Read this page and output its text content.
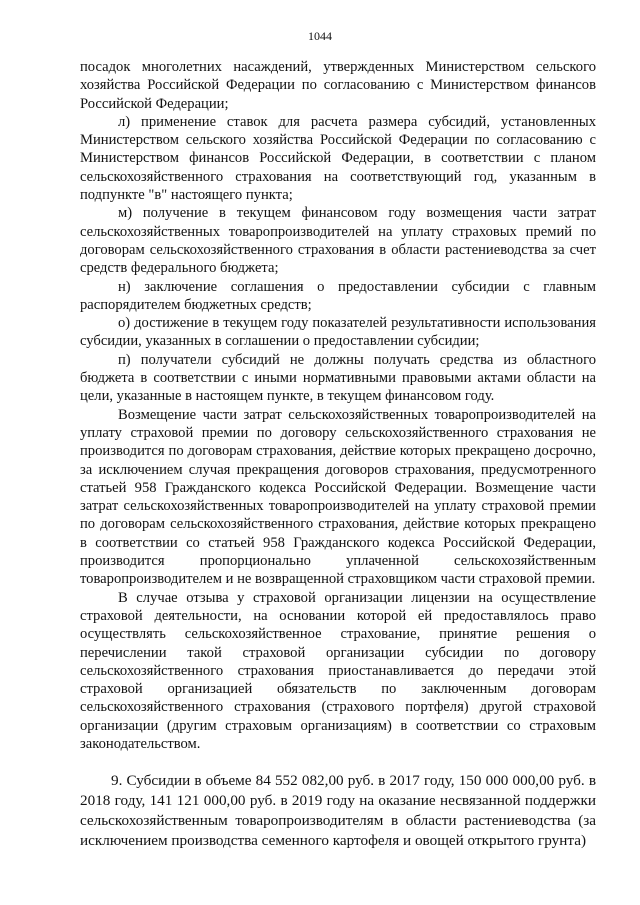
1044

посадок многолетних насаждений, утвержденных Министерством сельского хозяйства Российской Федерации по согласованию с Министерством финансов Российской Федерации;

л) применение ставок для расчета размера субсидий, установленных Министерством сельского хозяйства Российской Федерации по согласованию с Министерством финансов Российской Федерации, в соответствии с планом сельскохозяйственного страхования на соответствующий год, указанным в подпункте "в" настоящего пункта;

м) получение в текущем финансовом году возмещения части затрат сельскохозяйственных товаропроизводителей на уплату страховых премий по договорам сельскохозяйственного страхования в области растениеводства за счет средств федерального бюджета;

н) заключение соглашения о предоставлении субсидии с главным распорядителем бюджетных средств;

о) достижение в текущем году показателей результативности использования субсидии, указанных в соглашении о предоставлении субсидии;

п) получатели субсидий не должны получать средства из областного бюджета в соответствии с иными нормативными правовыми актами области на цели, указанные в настоящем пункте, в текущем финансовом году.

Возмещение части затрат сельскохозяйственных товаропроизводителей на уплату страховой премии по договору сельскохозяйственного страхования не производится по договорам страхования, действие которых прекращено досрочно, за исключением случая прекращения договоров страхования, предусмотренного статьей 958 Гражданского кодекса Российской Федерации. Возмещение части затрат сельскохозяйственных товаропроизводителей на уплату страховой премии по договорам сельскохозяйственного страхования, действие которых прекращено в соответствии со статьей 958 Гражданского кодекса Российской Федерации, производится пропорционально уплаченной сельскохозяйственным товаропроизводителем и не возвращенной страховщиком части страховой премии.

В случае отзыва у страховой организации лицензии на осуществление страховой деятельности, на основании которой ей предоставлялось право осуществлять сельскохозяйственное страхование, принятие решения о перечислении такой страховой организации субсидии по договору сельскохозяйственного страхования приостанавливается до передачи этой страховой организацией обязательств по заключенным договорам сельскохозяйственного страхования (страхового портфеля) другой страховой организации (другим страховым организациям) в соответствии со страховым законодательством.

9. Субсидии в объеме 84 552 082,00 руб. в 2017 году, 150 000 000,00 руб. в 2018 году, 141 121 000,00 руб. в 2019 году на оказание несвязанной поддержки сельскохозяйственным товаропроизводителям в области растениеводства (за исключением производства семенного картофеля и овощей открытого грунта)
